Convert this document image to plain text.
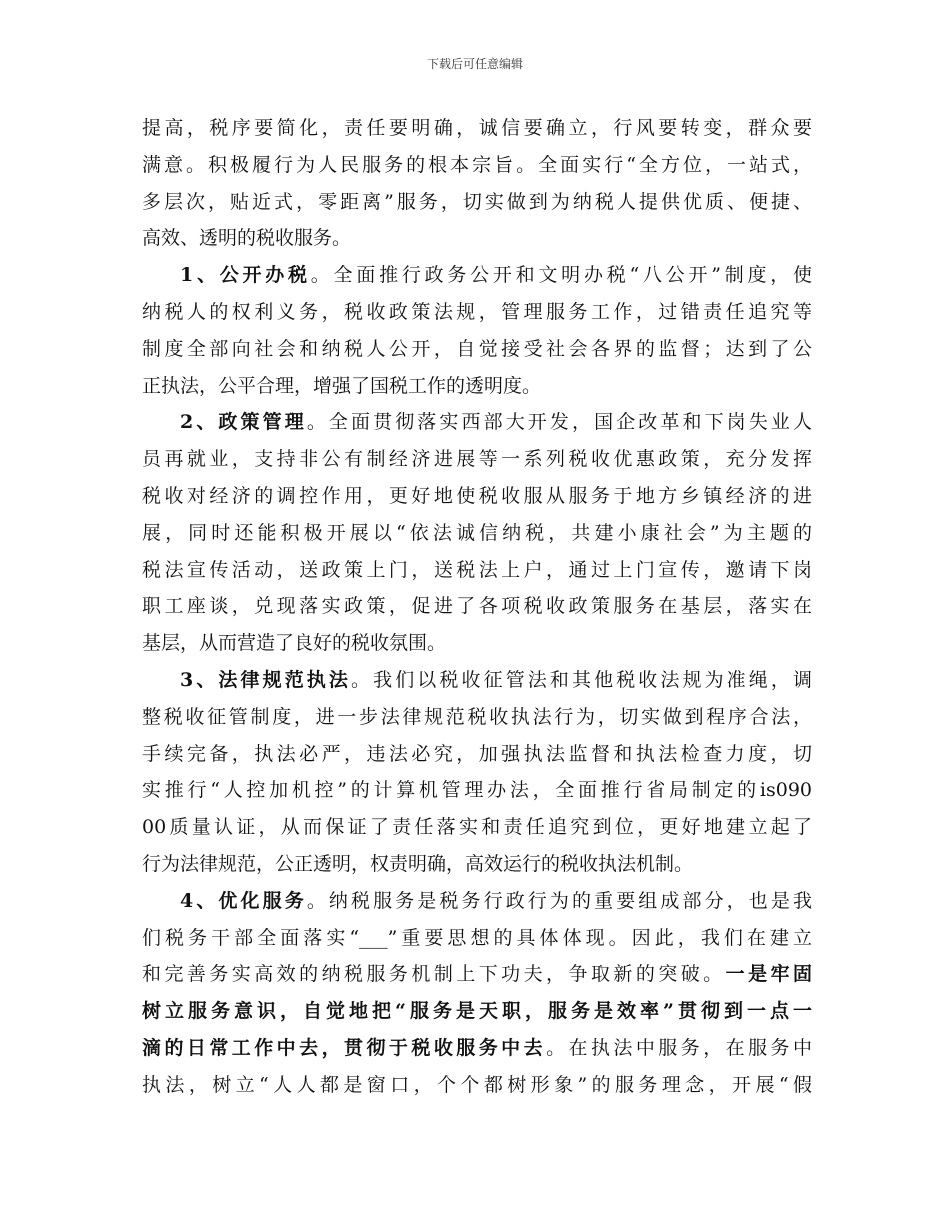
下载后可任意编辑
提高，税序要简化，责任要明确，诚信要确立，行风要转变，群众要
满意。积极履行为人民服务的根本宗旨。全面实行“全方位，一站式，
多层次，贴近式，零距离”服务，切实做到为纳税人提供优质、便捷、
高效、透明的税收服务。
1、公开办税。全面推行政务公开和文明办税“八公开”制度，使
纳税人的权利义务，税收政策法规，管理服务工作，过错责任追究等
制度全部向社会和纳税人公开，自觉接受社会各界的监督；达到了公
正执法，公平合理，增强了国税工作的透明度。
2、政策管理。全面贯彻落实西部大开发，国企改革和下岗失业人
员再就业，支持非公有制经济进展等一系列税收优惠政策，充分发挥
税收对经济的调控作用，更好地使税收服从服务于地方乡镇经济的进
展，同时还能积极开展以“依法诚信纳税，共建小康社会”为主题的
税法宣传活动，送政策上门，送税法上户，通过上门宣传，邀请下岗
职工座谈，兑现落实政策，促进了各项税收政策服务在基层，落实在
基层，从而营造了良好的税收氛围。
3、法律规范执法。我们以税收征管法和其他税收法规为准绳，调
整税收征管制度，进一步法律规范税收执法行为，切实做到程序合法，
手续完备，执法必严，违法必究，加强执法监督和执法检查力度，切
实推行“人控加机控”的计算机管理办法，全面推行省局制定的is090
00质量认证，从而保证了责任落实和责任追究到位，更好地建立起了
行为法律规范，公正透明，权责明确，高效运行的税收执法机制。
4、优化服务。纳税服务是税务行政行为的重要组成部分，也是我
们税务干部全面落实“___”重要思想的具体体现。因此，我们在建立
和完善务实高效的纳税服务机制上下功夫，争取新的突破。一是牢固
树立服务意识，自觉地把“服务是天职，服务是效率”贯彻到一点一
滴的日常工作中去，贯彻于税收服务中去。在执法中服务，在服务中
执法，树立“人人都是窗口，个个都树形象”的服务理念，开展“假
